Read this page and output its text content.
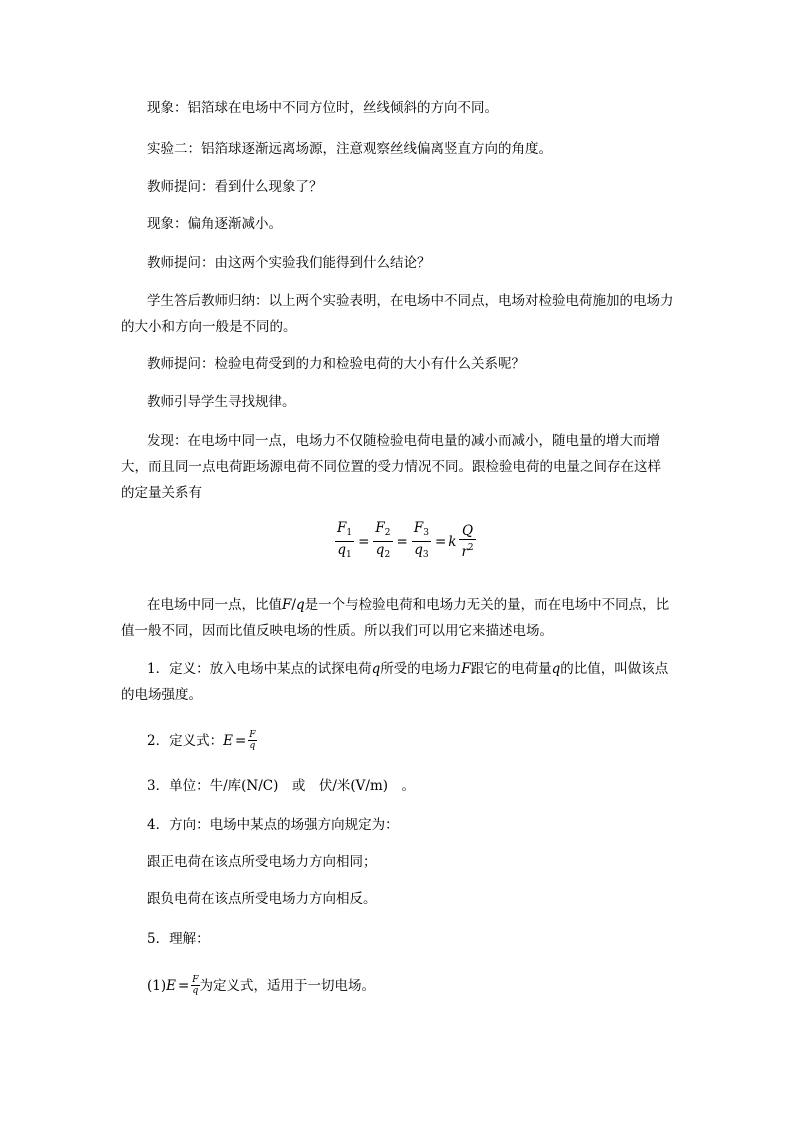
现象：铝箔球在电场中不同方位时，丝线倾斜的方向不同。
实验二：铝箔球逐渐远离场源，注意观察丝线偏离竖直方向的角度。
教师提问：看到什么现象了？
现象：偏角逐渐减小。
教师提问：由这两个实验我们能得到什么结论？
学生答后教师归纳：以上两个实验表明，在电场中不同点，电场对检验电荷施加的电场力的大小和方向一般是不同的。
教师提问：检验电荷受到的力和检验电荷的大小有什么关系呢？
教师引导学生寻找规律。
发现：在电场中同一点，电场力不仅随检验电荷电量的减小而减小，随电量的增大而增大，而且同一点电荷距场源电荷不同位置的受力情况不同。跟检验电荷的电量之间存在这样的定量关系有
$\frac{F_1}{q_1} = \frac{F_2}{q_2} = \frac{F_3}{q_3} = k \frac{Q}{r^2}$
在电场中同一点，比值F/q是一个与检验电荷和电场力无关的量，而在电场中不同点，比值一般不同，因而比值反映电场的性质。所以我们可以用它来描述电场。
1．定义：放入电场中某点的试探电荷q所受的电场力F跟它的电荷量q的比值，叫做该点的电场强度。
2．定义式： $E = \frac{F}{q}$
3．单位：牛/库(N/C)　或　伏/米(V/m)　。
4．方向：电场中某点的场强方向规定为：
跟正电荷在该点所受电场力方向相同；
跟负电荷在该点所受电场力方向相反。
5．理解：
(1) $E = \frac{F}{q}$ 为定义式，适用于一切电场。
